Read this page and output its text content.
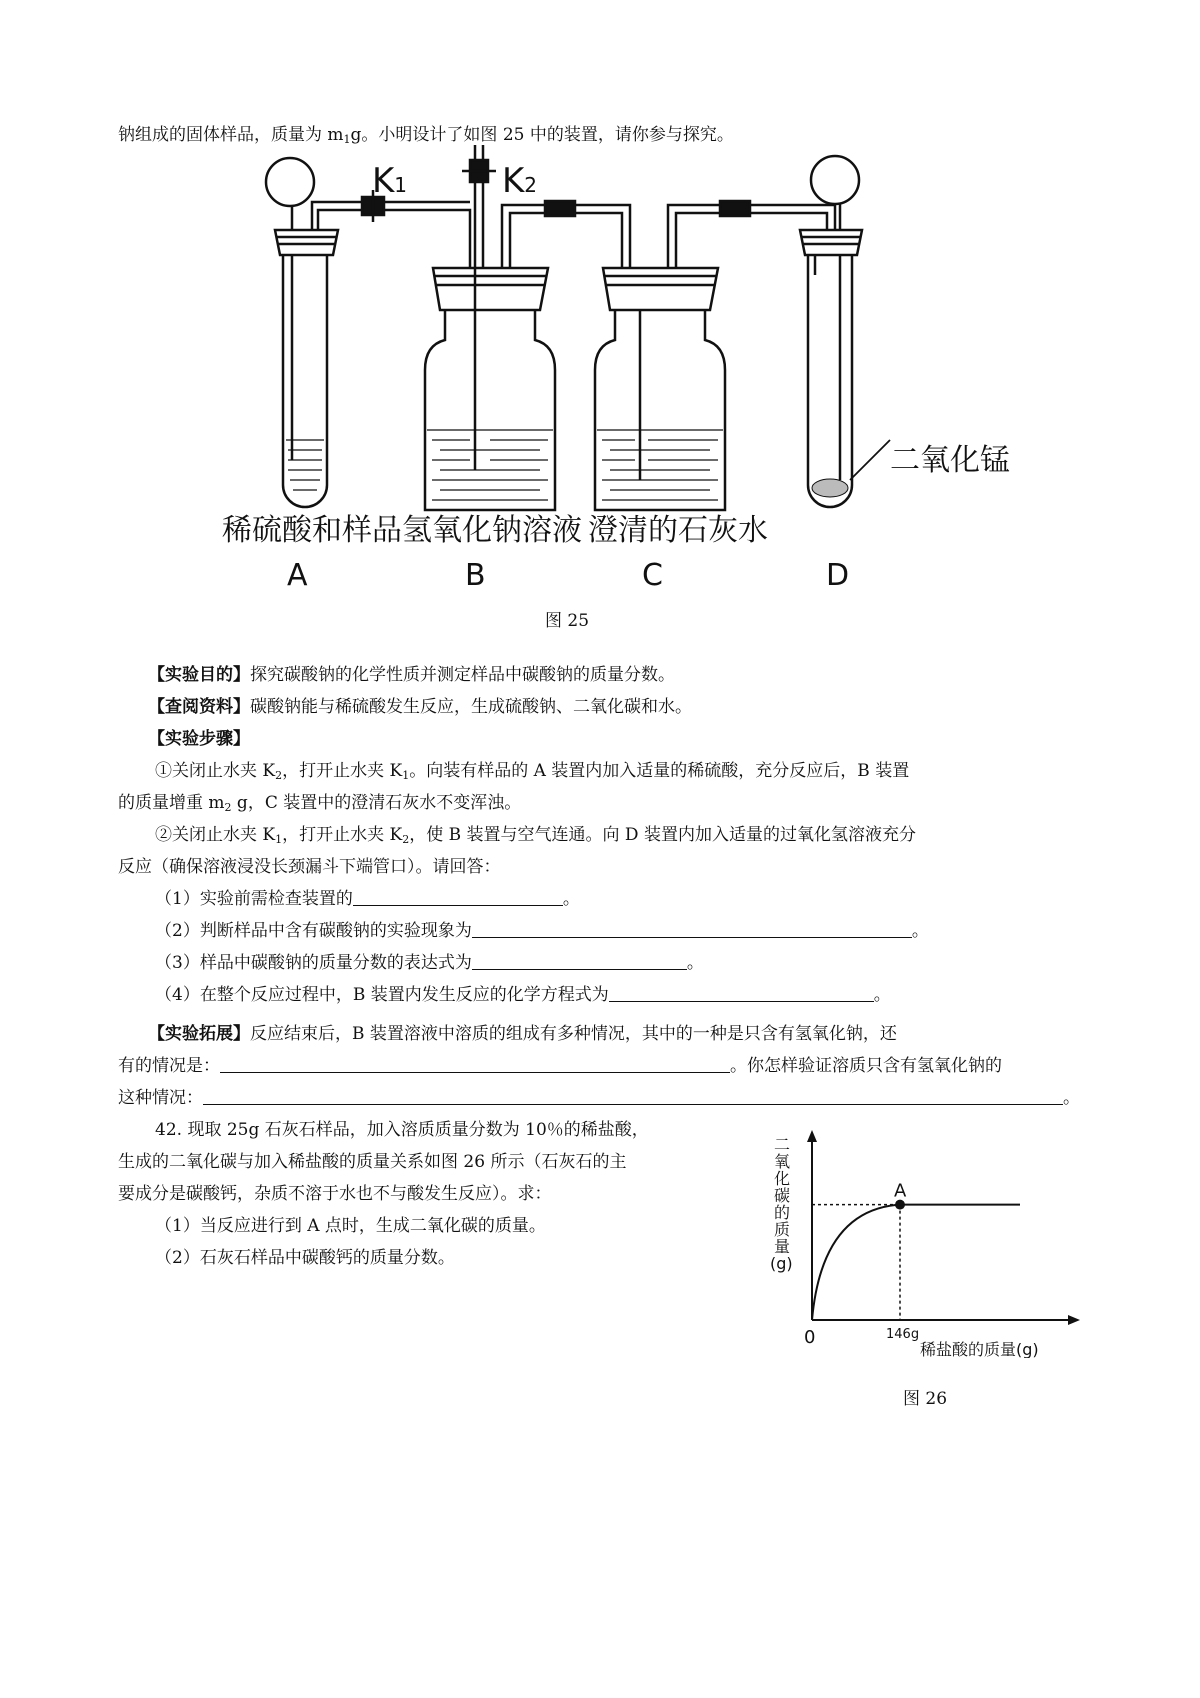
钠组成的固体样品，质量为 $m_1g$。小明设计了如图 25 中的装置，请你参与探究。
K1	K2
二氧化锰
稀硫酸和样品 氢氧化钠溶液 澄清的石灰水
A	B	C	D
图 25
【实验目的】探究碳酸钠的化学性质并测定样品中碳酸钠的质量分数。
【查阅资料】碳酸钠能与稀硫酸发生反应，生成硫酸钠、二氧化碳和水。
【实验步骤】
①关闭止水夹 $K_2$，打开止水夹 $K_1$。向装有样品的 A 装置内加入适量的稀硫酸，充分反应后，B 装置
的质量增重 $m_2$ g，C 装置中的澄清石灰水不变浑浊。
②关闭止水夹 $K_1$，打开止水夹 $K_2$，使 B 装置与空气连通。向 D 装置内加入适量的过氧化氢溶液充分
反应（确保溶液浸没长颈漏斗下端管口）。请回答：
（1）实验前需检查装置的	。
（2）判断样品中含有碳酸钠的实验现象为	。
（3）样品中碳酸钠的质量分数的表达式为	。
（4）在整个反应过程中，B 装置内发生反应的化学方程式为	。
【实验拓展】反应结束后，B 装置溶液中溶质的组成有多种情况，其中的一种是只含有氢氧化钠，还
有的情况是：	。你怎样验证溶质只含有氢氧化钠的
这种情况：	。
42. 现取 25g 石灰石样品，加入溶质质量分数为 10％的稀盐酸，
生成的二氧化碳与加入稀盐酸的质量关系如图 26 所示（石灰石的主
要成分是碳酸钙，杂质不溶于水也不与酸发生反应）。求：
（1）当反应进行到 A 点时，生成二氧化碳的质量。
（2）石灰石样品中碳酸钙的质量分数。
二
氧
化
碳
的
质
量
(g)
A
0	146g
稀盐酸的质量(g)
图 26
